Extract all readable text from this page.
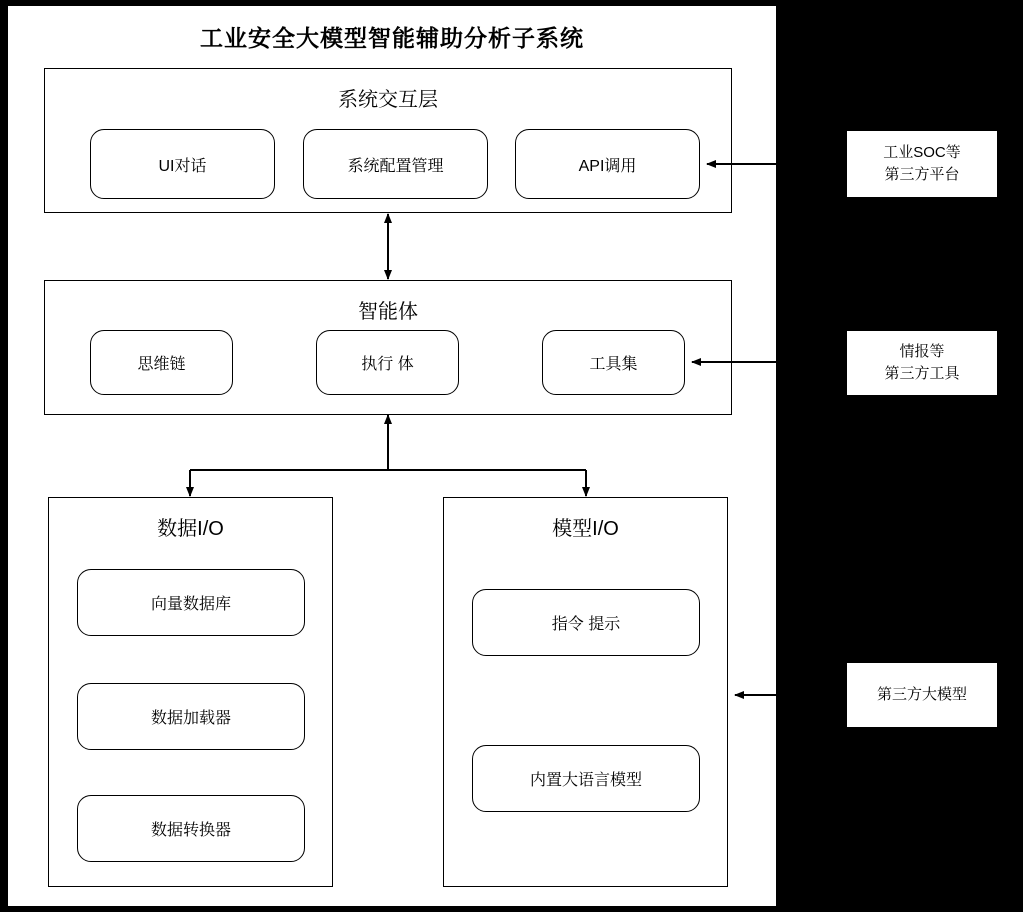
工业安全大模型智能辅助分析子系统
系统交互层
UI对话	系统配置管理	API调用
智能体
思维链	执行 体	工具集
数据I/O
向量数据库
数据加载器
数据转换器
模型I/O
指令 提示
内置大语言模型
工业SOC等
第三方平台
情报等
第三方工具
第三方大模型
